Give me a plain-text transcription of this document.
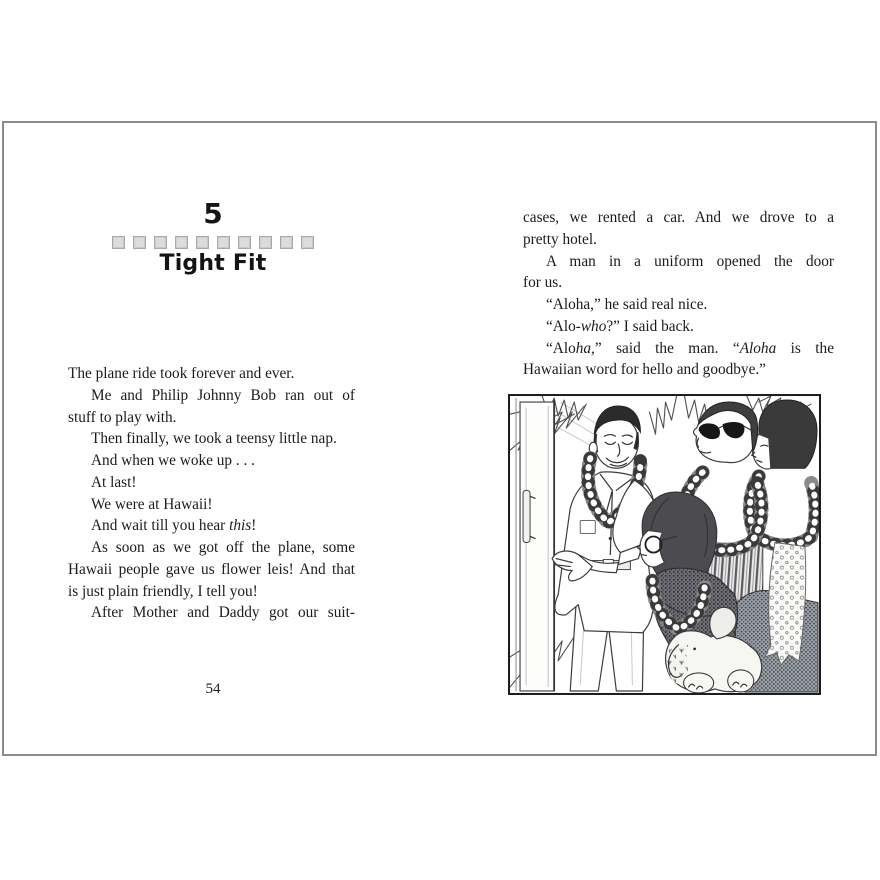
5
Tight Fit
The plane ride took forever and ever.
Me and Philip Johnny Bob ran out of
stuff to play with.
Then finally, we took a teensy little nap.
And when we woke up . . .
At last!
We were at Hawaii!
And wait till you hear this!
As soon as we got off the plane, some
Hawaii people gave us flower leis! And that
is just plain friendly, I tell you!
After Mother and Daddy got our suit-
54
cases, we rented a car. And we drove to a
pretty hotel.
A man in a uniform opened the door
for us.
“Aloha,” he said real nice.
“Alo-who?” I said back.
“Aloha,” said the man. “Aloha is the
Hawaiian word for hello and goodbye.”
